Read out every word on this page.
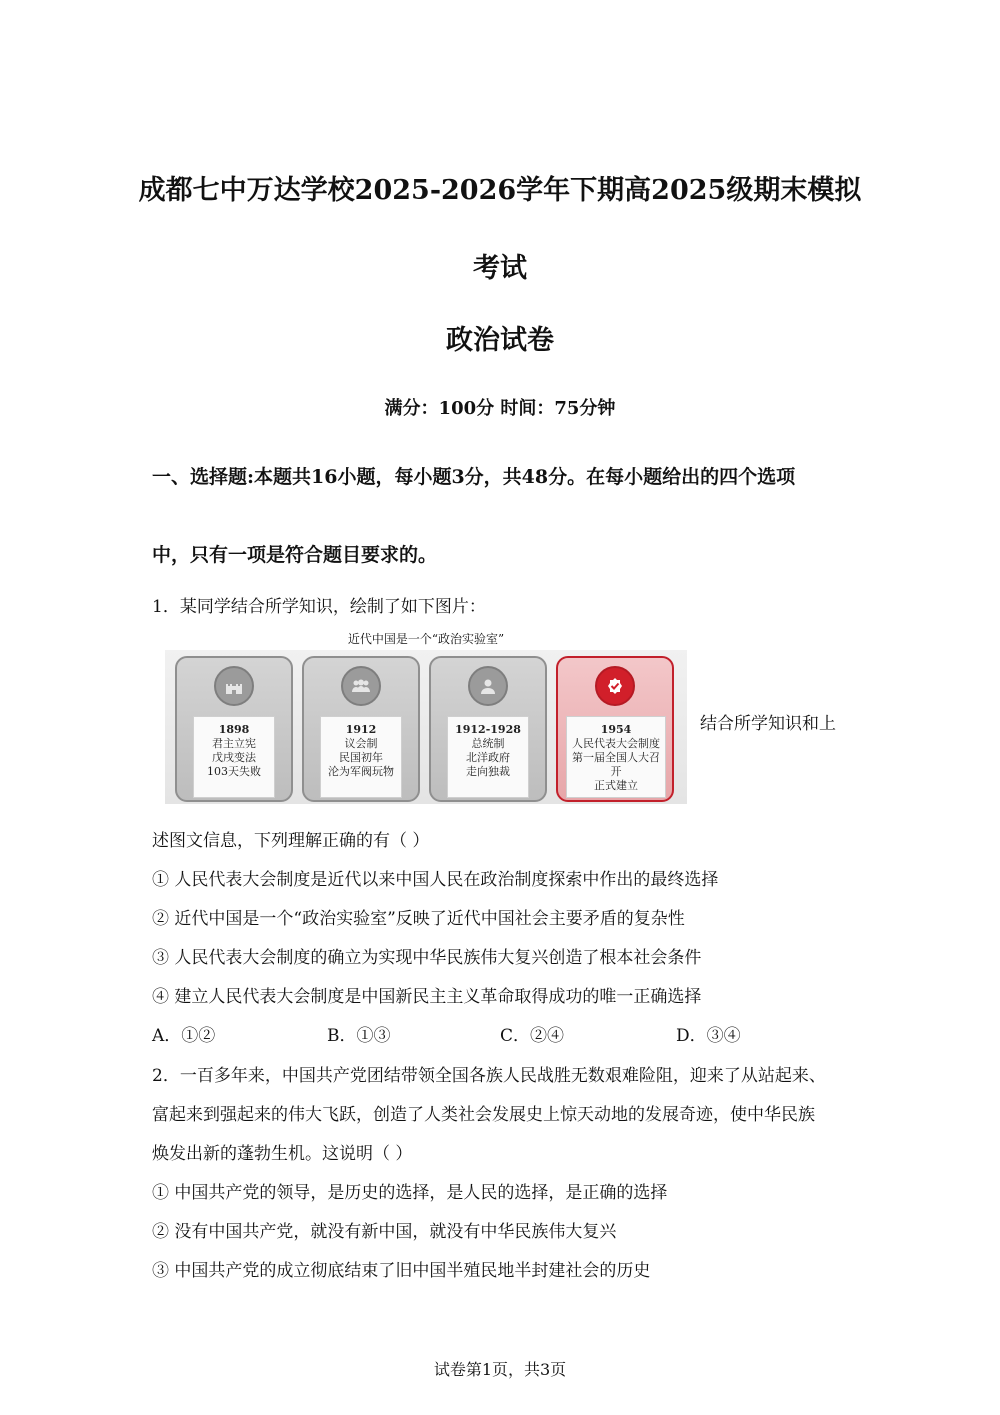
成都七中万达学校2025-2026学年下期高2025级期末模拟
考试
政治试卷
满分：100分 时间：75分钟
一、选择题:本题共16小题，每小题3分，共48分。在每小题给出的四个选项
中，只有一项是符合题目要求的。
1．某同学结合所学知识，绘制了如下图片：
近代中国是一个“政治实验室”
1898
君主立宪
戊戌变法
103天失败
1912
议会制
民国初年
沦为军阀玩物
1912-1928
总统制
北洋政府
走向独裁
1954
人民代表大会制度
第一届全国人大召开
正式建立
结合所学知识和上
述图文信息，下列理解正确的有（ ）
① 人民代表大会制度是近代以来中国人民在政治制度探索中作出的最终选择
② 近代中国是一个“政治实验室”反映了近代中国社会主要矛盾的复杂性
③ 人民代表大会制度的确立为实现中华民族伟大复兴创造了根本社会条件
④ 建立人民代表大会制度是中国新民主主义革命取得成功的唯一正确选择
A．①②	B．①③	C．②④	D．③④
2．一百多年来，中国共产党团结带领全国各族人民战胜无数艰难险阻，迎来了从站起来、
富起来到强起来的伟大飞跃，创造了人类社会发展史上惊天动地的发展奇迹，使中华民族
焕发出新的蓬勃生机。这说明（ ）
① 中国共产党的领导，是历史的选择，是人民的选择，是正确的选择
② 没有中国共产党，就没有新中国，就没有中华民族伟大复兴
③ 中国共产党的成立彻底结束了旧中国半殖民地半封建社会的历史
试卷第1页，共3页
